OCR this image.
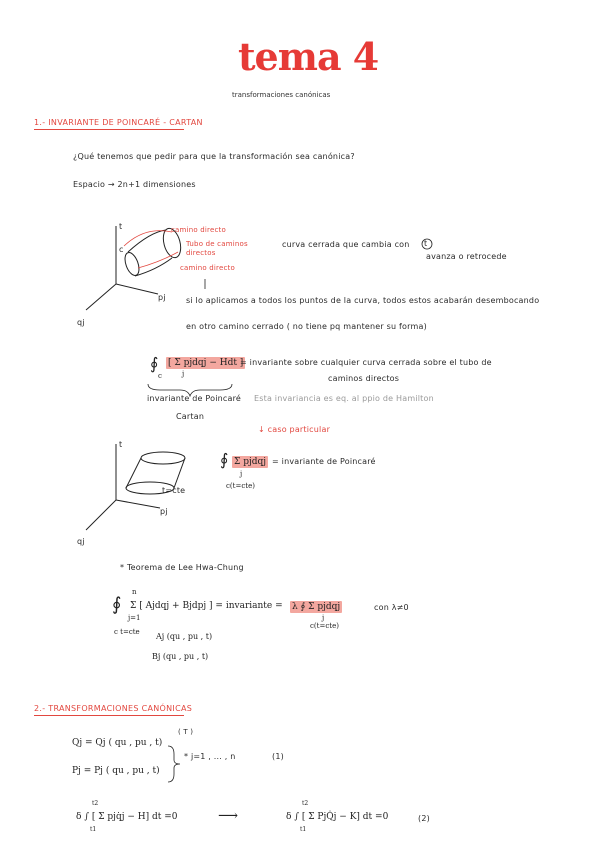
tema 4
transformaciones canónicas
1.- INVARIANTE DE POINCARÉ - CARTAN
¿Qué tenemos que pedir para que la transformación sea canónica?
Espacio → 2n+1 dimensiones
t
pj
qj
c
camino directo
Tubo de caminos directos
camino directo
curva cerrada que cambia con t
avanza o retrocede
si lo aplicamos a todos los puntos de la curva, todos estos acabarán desembocando
en otro camino cerrado ( no tiene pq mantener su forma)
∮
c
[ Σ pjdqj − Hdt ]
j
= invariante sobre cualquier curva cerrada sobre el tubo de
caminos directos
invariante de Poincaré
Cartan
Esta invariancia es eq. al ppio de Hamilton
↓ caso particular
t
pj
qj
t=cte
∮ Σ pjdqj
j
c(t=cte)
= invariante de Poincaré
* Teorema de Lee Hwa-Chung
∮
n
j=1
Σ [ Ajdqj + Bjdpj ] = invariante =
c t=cte
λ ∮ Σ pjdqj
j
c(t=cte)
con λ≠0
Aj (qu , pu , t)
Bj (qu , pu , t)
2.- TRANSFORMACIONES CANÓNICAS
( T )
Qj = Qj ( qu , pu , t)
Pj = Pj ( qu , pu , t)
* j=1 , ... , n	(1)
δ ∫ [ Σ pjq̇j − H] dt =0
t2
t1
⟶	δ ∫ [ Σ PjQ̇j − K] dt =0
t2
t1
(2)
